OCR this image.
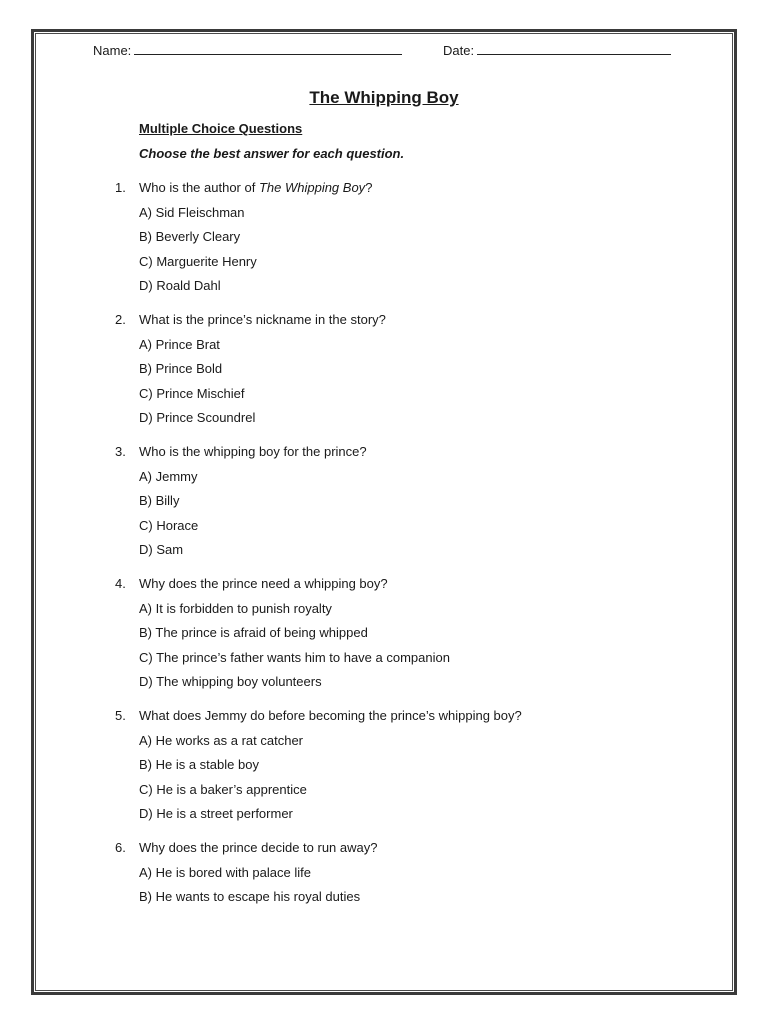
Name:	Date:
The Whipping Boy
Multiple Choice Questions
Choose the best answer for each question.
1. Who is the author of The Whipping Boy?
A) Sid Fleischman
B) Beverly Cleary
C) Marguerite Henry
D) Roald Dahl
2. What is the prince’s nickname in the story?
A) Prince Brat
B) Prince Bold
C) Prince Mischief
D) Prince Scoundrel
3. Who is the whipping boy for the prince?
A) Jemmy
B) Billy
C) Horace
D) Sam
4. Why does the prince need a whipping boy?
A) It is forbidden to punish royalty
B) The prince is afraid of being whipped
C) The prince’s father wants him to have a companion
D) The whipping boy volunteers
5. What does Jemmy do before becoming the prince’s whipping boy?
A) He works as a rat catcher
B) He is a stable boy
C) He is a baker’s apprentice
D) He is a street performer
6. Why does the prince decide to run away?
A) He is bored with palace life
B) He wants to escape his royal duties
